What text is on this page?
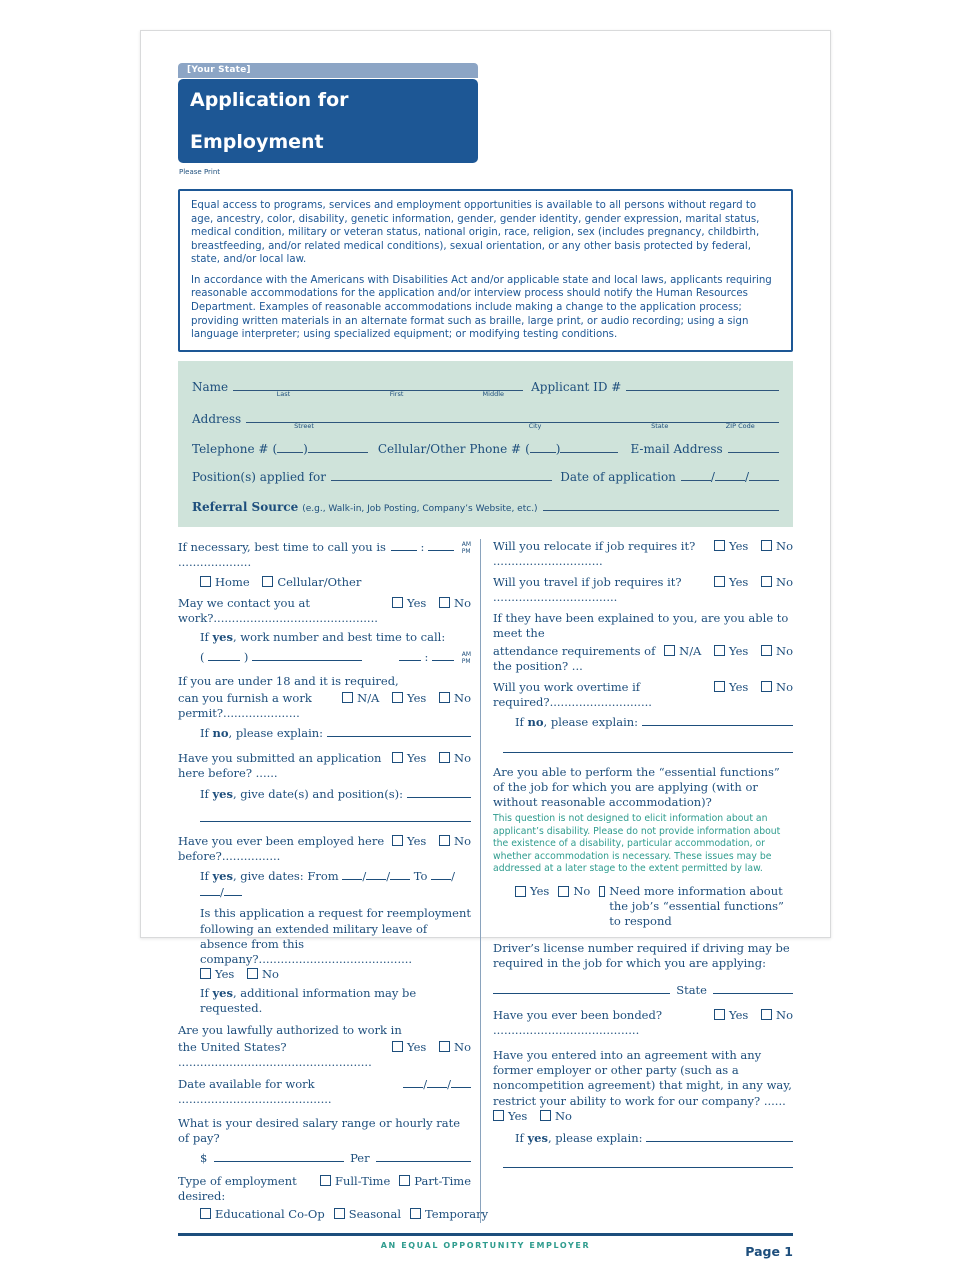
[Your State]
Application for Employment
Please Print

Equal access to programs, services and employment opportunities is available to all persons without regard to age, ancestry, color, disability, genetic information, gender, gender identity, gender expression, marital status, medical condition, military or veteran status, national origin, race, religion, sex (includes pregnancy, childbirth, breastfeeding, and/or related medical conditions), sexual orientation, or any other basis protected by federal, state, and/or local law.

In accordance with the Americans with Disabilities Act and/or applicable state and local laws, applicants requiring reasonable accommodations for the application and/or interview process should notify the Human Resources Department. Examples of reasonable accommodations include making a change to the application process; providing written materials in an alternate format such as braille, large print, or audio recording; using a sign language interpreter; using specialized equipment; or modifying testing conditions.

Name	Last	First	Middle Applicant ID #
Address	Street	City	State	ZIP Code
Telephone # ( )	Cellular/Other Phone # ( )	E-mail Address
Position(s) applied for	Date of application	/	/
Referral Source (e.g., Walk-in, Job Posting, Company’s Website, etc.)
If necessary, best time to call you is ....................
:	AM
PM
Home Cellular/Other
May we contact you at work?.............................................
Yes No
If yes, work number and best time to call:
(	)	:	AM
PM
If you are under 18 and it is required,
can you furnish a work permit?.....................
N/A Yes No
If no, please explain:
Have you submitted an application here before? ......
Yes No
If yes, give date(s) and position(s):
Have you ever been employed here before?................
Yes No
If yes, give dates: From / / To //
Is this application a request for reemployment following an extended military leave of absence from this company?.......................................... Yes No
If yes, additional information may be requested.
Are you lawfully authorized to work in
the United States? .....................................................
Yes No
Date available for work ..........................................
/ /
What is your desired salary range or hourly rate of pay?
$	Per
Type of employment desired:
Full-Time	Part-Time
Educational Co-Op	Seasonal	Temporary
Will you relocate if job requires it? ..............................
Yes No
Will you travel if job requires it? ..................................
Yes No
If they have been explained to you, are you able to meet the
attendance requirements of the position? ...
N/A Yes No
Will you work overtime if required?............................
Yes No
If no, please explain:
Are you able to perform the “essential functions” of the job for which you are applying (with or without reasonable accommodation)?
This question is not designed to elicit information about an applicant’s disability. Please do not provide information about the existence of a disability, particular accommodation, or whether accommodation is necessary. These issues may be addressed at a later stage to the extent permitted by law.
Yes No Need more information about the job’s “essential functions” to respond
Driver’s license number required if driving may be required in the job for which you are applying:
State
Have you ever been bonded? ........................................
Yes No
Have you entered into an agreement with any former employer or other party (such as a noncompetition agreement) that might, in any way, restrict your ability to work for our company? ...... Yes No
If yes, please explain:
AN EQUAL OPPORTUNITY EMPLOYER	Page 1
